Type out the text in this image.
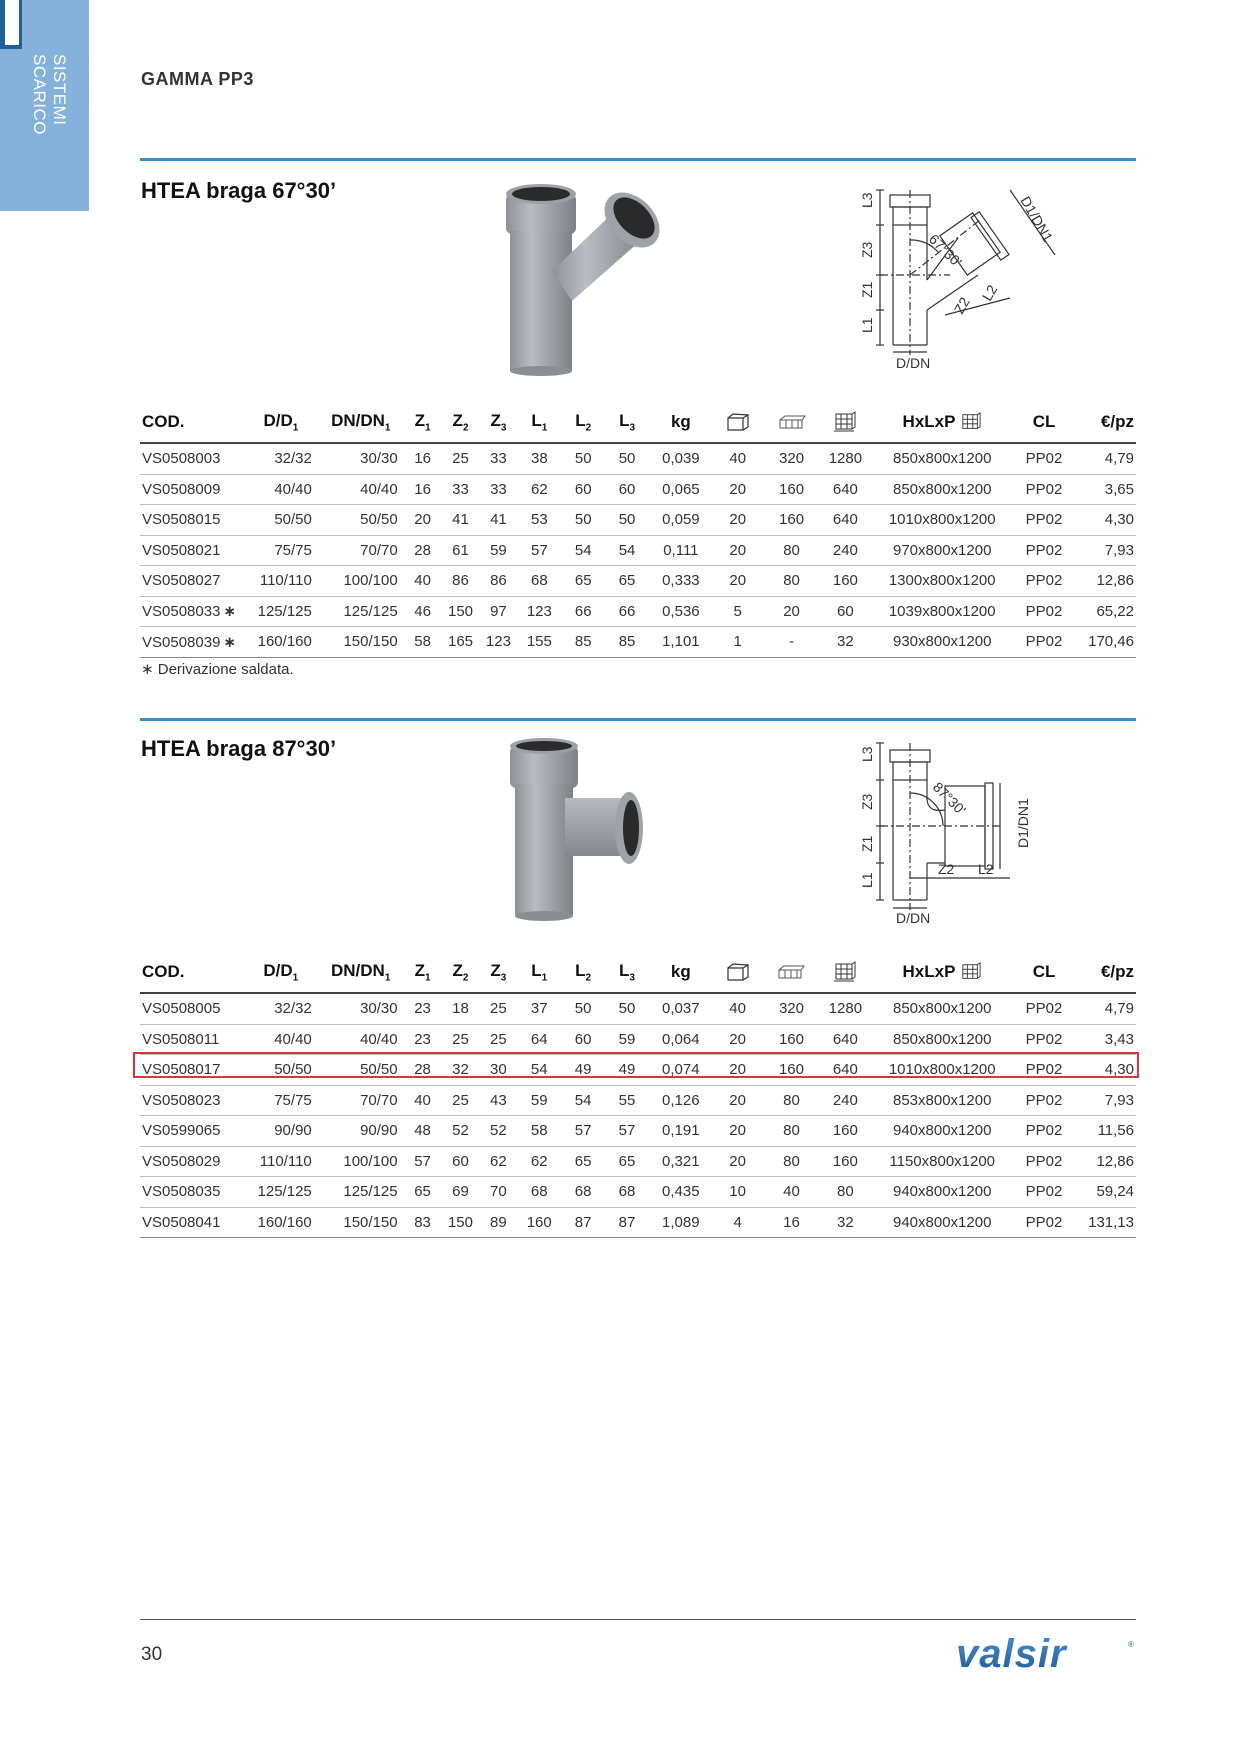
SISTEMI
SCARICO	GAMMA PP3
HTEA braga 67°30’	L3
Z3
Z1
L1
D/DN
D1/DN1
67°30'
Z2
L2
COD.	$D/D_1$	$DN/DN_1$	$Z_1$	$Z_2$	$Z_3$	$L_1$	$L_2$	$L_3$	kg				HxLxP	CL	€/pz
VS0508003	32/32	30/30	16	25	33	38	50	50	0,039	40	320	1280	850x800x1200	PP02	4,79
VS0508009	40/40	40/40	16	33	33	62	60	60	0,065	20	160	640	850x800x1200	PP02	3,65
VS0508015	50/50	50/50	20	41	41	53	50	50	0,059	20	160	640	1010x800x1200	PP02	4,30
VS0508021	75/75	70/70	28	61	59	57	54	54	0,111	20	80	240	970x800x1200	PP02	7,93
VS0508027	110/110	100/100	40	86	86	68	65	65	0,333	20	80	160	1300x800x1200	PP02	12,86
VS0508033 ∗	125/125	125/125	46	150	97	123	66	66	0,536	5	20	60	1039x800x1200	PP02	65,22
VS0508039 ∗	160/160	150/150	58	165	123	155	85	85	1,101	1	-	32	930x800x1200	PP02	170,46
∗ Derivazione saldata.
HTEA braga 87°30’	L3
Z3
Z1
L1
D/DN
D1/DN1
87°30'
Z2 L2
COD.	$D/D_1$	$DN/DN_1$	$Z_1$	$Z_2$	$Z_3$	$L_1$	$L_2$	$L_3$	kg				HxLxP	CL	€/pz
VS0508005	32/32	30/30	23	18	25	37	50	50	0,037	40	320	1280	850x800x1200	PP02	4,79
VS0508011	40/40	40/40	23	25	25	64	60	59	0,064	20	160	640	850x800x1200	PP02	3,43
VS0508017	50/50	50/50	28	32	30	54	49	49	0,074	20	160	640	1010x800x1200	PP02	4,30
VS0508023	75/75	70/70	40	25	43	59	54	55	0,126	20	80	240	853x800x1200	PP02	7,93
VS0599065	90/90	90/90	48	52	52	58	57	57	0,191	20	80	160	940x800x1200	PP02	11,56
VS0508029	110/110	100/100	57	60	62	62	65	65	0,321	20	80	160	1150x800x1200	PP02	12,86
VS0508035	125/125	125/125	65	69	70	68	68	68	0,435	10	40	80	940x800x1200	PP02	59,24
VS0508041	160/160	150/150	83	150	89	160	87	87	1,089	4	16	32	940x800x1200	PP02	131,13
30	valsir	®
